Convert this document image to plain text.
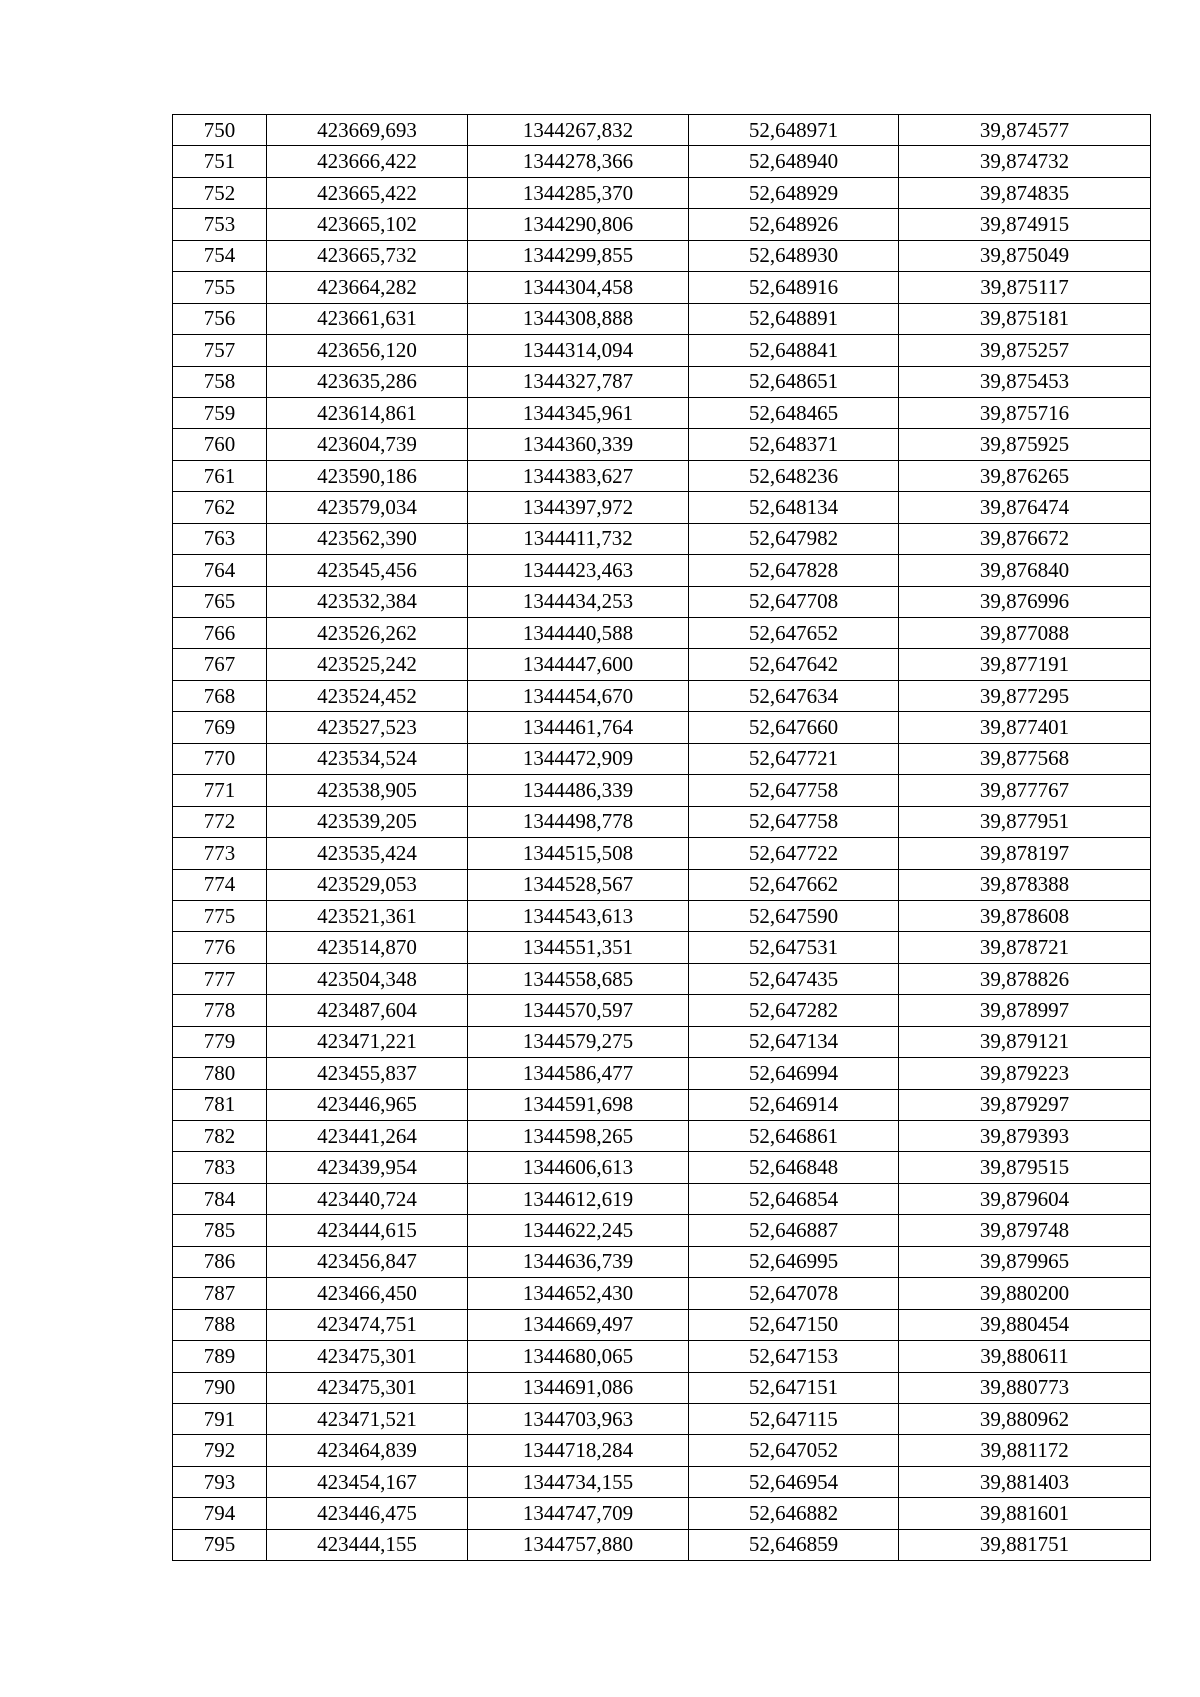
750	423669,693	1344267,832	52,648971	39,874577
751	423666,422	1344278,366	52,648940	39,874732
752	423665,422	1344285,370	52,648929	39,874835
753	423665,102	1344290,806	52,648926	39,874915
754	423665,732	1344299,855	52,648930	39,875049
755	423664,282	1344304,458	52,648916	39,875117
756	423661,631	1344308,888	52,648891	39,875181
757	423656,120	1344314,094	52,648841	39,875257
758	423635,286	1344327,787	52,648651	39,875453
759	423614,861	1344345,961	52,648465	39,875716
760	423604,739	1344360,339	52,648371	39,875925
761	423590,186	1344383,627	52,648236	39,876265
762	423579,034	1344397,972	52,648134	39,876474
763	423562,390	1344411,732	52,647982	39,876672
764	423545,456	1344423,463	52,647828	39,876840
765	423532,384	1344434,253	52,647708	39,876996
766	423526,262	1344440,588	52,647652	39,877088
767	423525,242	1344447,600	52,647642	39,877191
768	423524,452	1344454,670	52,647634	39,877295
769	423527,523	1344461,764	52,647660	39,877401
770	423534,524	1344472,909	52,647721	39,877568
771	423538,905	1344486,339	52,647758	39,877767
772	423539,205	1344498,778	52,647758	39,877951
773	423535,424	1344515,508	52,647722	39,878197
774	423529,053	1344528,567	52,647662	39,878388
775	423521,361	1344543,613	52,647590	39,878608
776	423514,870	1344551,351	52,647531	39,878721
777	423504,348	1344558,685	52,647435	39,878826
778	423487,604	1344570,597	52,647282	39,878997
779	423471,221	1344579,275	52,647134	39,879121
780	423455,837	1344586,477	52,646994	39,879223
781	423446,965	1344591,698	52,646914	39,879297
782	423441,264	1344598,265	52,646861	39,879393
783	423439,954	1344606,613	52,646848	39,879515
784	423440,724	1344612,619	52,646854	39,879604
785	423444,615	1344622,245	52,646887	39,879748
786	423456,847	1344636,739	52,646995	39,879965
787	423466,450	1344652,430	52,647078	39,880200
788	423474,751	1344669,497	52,647150	39,880454
789	423475,301	1344680,065	52,647153	39,880611
790	423475,301	1344691,086	52,647151	39,880773
791	423471,521	1344703,963	52,647115	39,880962
792	423464,839	1344718,284	52,647052	39,881172
793	423454,167	1344734,155	52,646954	39,881403
794	423446,475	1344747,709	52,646882	39,881601
795	423444,155	1344757,880	52,646859	39,881751
